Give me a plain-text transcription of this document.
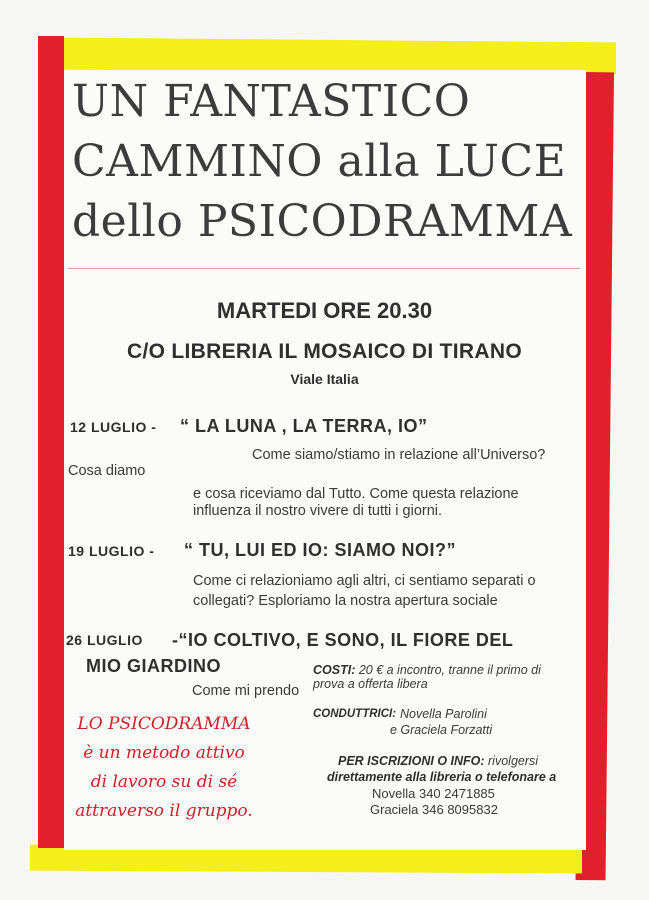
UN FANTASTICO
CAMMINO alla LUCE
dello PSICODRAMMA
MARTEDI ORE 20.30
C/O LIBRERIA IL MOSAICO DI TIRANO
Viale Italia
12 LUGLIO - “ LA LUNA , LA TERRA, IO”
Come siamo/stiamo in relazione all’Universo?
Cosa diamo
e cosa riceviamo dal Tutto. Come questa relazione
influenza il nostro vivere di tutti i giorni.
19 LUGLIO - “ TU, LUI ED IO: SIAMO NOI?”
Come ci relazioniamo agli altri, ci sentiamo separati o
collegati? Esploriamo la nostra apertura sociale
26 LUGLIO -“IO COLTIVO, E SONO, IL FIORE DEL
MIO GIARDINO
Come mi prendo
COSTI: 20 € a incontro, tranne il primo di
prova a offerta libera
CONDUTTRICI: Novella Parolini
e Graciela Forzatti
PER ISCRIZIONI O INFO: rivolgersi
direttamente alla libreria o telefonare a
Novella 340 2471885
Graciela 346 8095832
LO PSICODRAMMA
è un metodo attivo
di lavoro su di sé
attraverso il gruppo.
